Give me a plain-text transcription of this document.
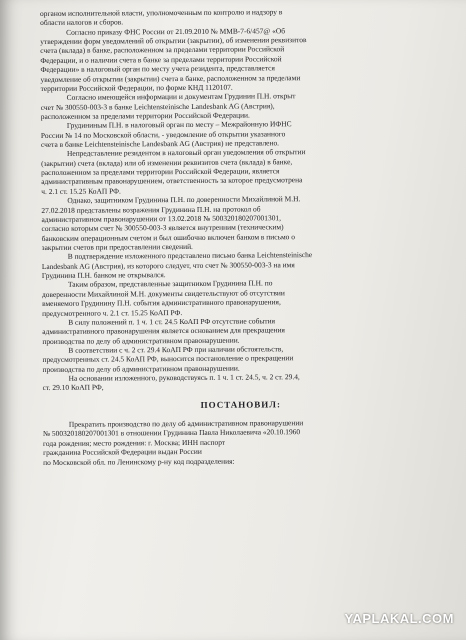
органом исполнительной власти, уполномоченным по контролю и надзору в
области налогов и сборов.
Согласно приказу ФНС России от 21.09.2010 № ММВ-7-6/457@ «Об
утверждении форм уведомлений об открытии (закрытии), об изменении реквизитов
счета (вклада) в банке, расположенном за пределами территории Российской
Федерации, и о наличии счета в банке за пределами территории Российской
Федерации» в налоговый орган по месту учета резидента, представляется
уведомление об открытии (закрытии) счета в банке, расположенном за пределами
территории Российской Федерации, по форме КНД 1120107.
Согласно имеющейся информации и документам Грудинин П.Н. открыт
счет № 300550-003-3 в банке Leichtensteinische Landesbank AG (Австрия),
расположенном за пределами территории Российской Федерации.
Грудининым П.Н. в налоговый орган по месту – Межрайонную ИФНС
России № 14 по Московской области, - уведомление об открытии указанного
счета в банке Leichtensteinische Landesbank AG (Австрия) не представлено.
Непредставление резидентом в налоговый орган уведомления об открытии
(закрытии) счета (вклада) или об изменении реквизитов счета (вклада) в банке,
расположенном за пределами территории Российской Федерации, является
административным правонарушением, ответственность за которое предусмотрена
ч. 2.1 ст. 15.25 КоАП РФ.
Однако, защитником Грудинина П.Н. по доверенности Михайлиной М.Н.
27.02.2018 представлены возражения Грудинина П.Н. на протокол об
административном правонарушении от 13.02.2018 № 500320180207001301,
согласно которым счет № 300550-003-3 является внутренним (техническим)
банковским операционным счетом и был ошибочно включен банком в письмо о
закрытии счетов при предоставлении сведений.
В подтверждение изложенного представлено письмо банка Leichtensteinische
Landesbank AG (Австрия), из которого следует, что счет № 300550-003-3 на имя
Грудинина П.Н. банком не открывался.
Таким образом, представленные защитником Грудинина П.Н. по
доверенности Михайлиной М.Н. документы свидетельствуют об отсутствии
вменяемого Грудинину П.Н. события административного правонарушения,
предусмотренного ч. 2.1 ст. 15.25 КоАП РФ.
В силу положений п. 1 ч. 1 ст. 24.5 КоАП РФ отсутствие события
административного правонарушения является основанием для прекращения
производства по делу об административном правонарушении.
В соответствии с ч. 2 ст. 29.4 КоАП РФ при наличии обстоятельств,
предусмотренных ст. 24.5 КоАП РФ, выносится постановление о прекращении
производства по делу об административном правонарушении.
На основании изложенного, руководствуясь п. 1 ч. 1 ст. 24.5, ч. 2 ст. 29.4,
ст. 29.10 КоАП РФ,
ПОСТАНОВИЛ:
Прекратить производство по делу об административном правонарушении
№ 500320180207001301 в отношении Грудинина Павла Николаевича «20.10.1960
года рождения; место рождения: г. Москва; ИНН паспорт
гражданина Российской Федерации выдан России
по Московской обл. по Ленинскому р-ну код подразделения:
YAPLAKAL.COM
